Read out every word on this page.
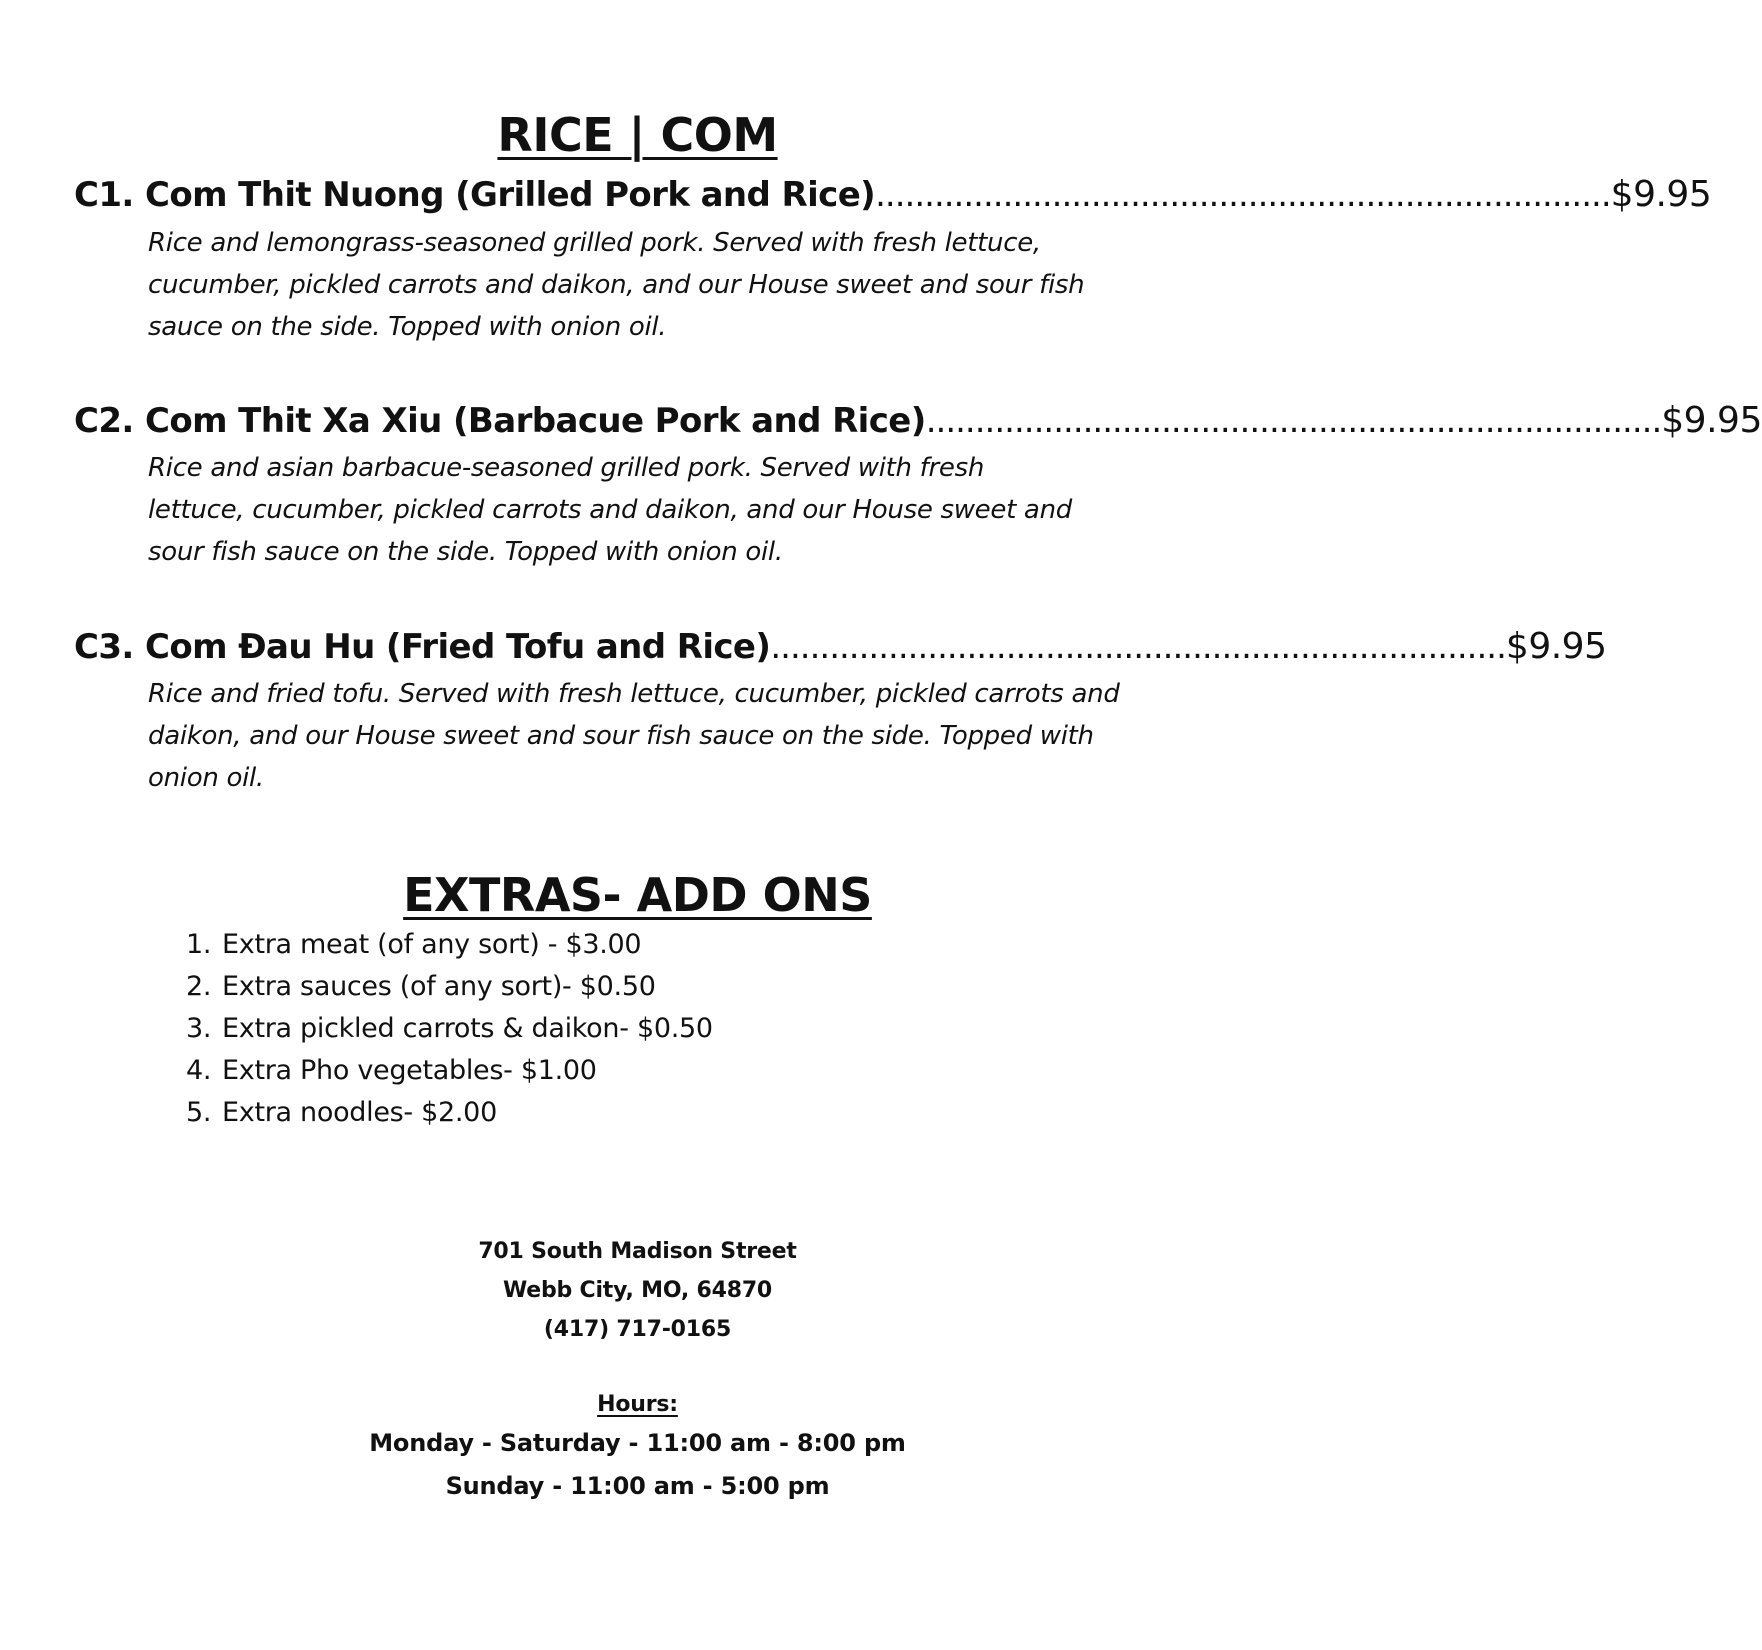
RICE | COM
C1. Com Thit Nuong (Grilled Pork and Rice) ........................................................................... $9.95

Rice and lemongrass-seasoned grilled pork. Served with fresh lettuce, cucumber, pickled carrots and daikon, and our House sweet and sour fish sauce on the side. Topped with onion oil.

C2. Com Thit Xa Xiu (Barbacue Pork and Rice) ........................................................................... $9.95

Rice and asian barbacue-seasoned grilled pork. Served with fresh lettuce, cucumber, pickled carrots and daikon, and our House sweet and sour fish sauce on the side. Topped with onion oil.

C3. Com Đau Hu (Fried Tofu and Rice) ........................................................................... $9.95

Rice and fried tofu. Served with fresh lettuce, cucumber, pickled carrots and daikon, and our House sweet and sour fish sauce on the side. Topped with onion oil.

EXTRAS- ADD ONS
1. Extra meat (of any sort) - $3.00
2. Extra sauces (of any sort)- $0.50
3. Extra pickled carrots & daikon- $0.50
4. Extra Pho vegetables- $1.00
5. Extra noodles- $2.00
701 South Madison Street
Webb City, MO, 64870
(417) 717-0165
Hours:
Monday - Saturday - 11:00 am - 8:00 pm
Sunday - 11:00 am - 5:00 pm
